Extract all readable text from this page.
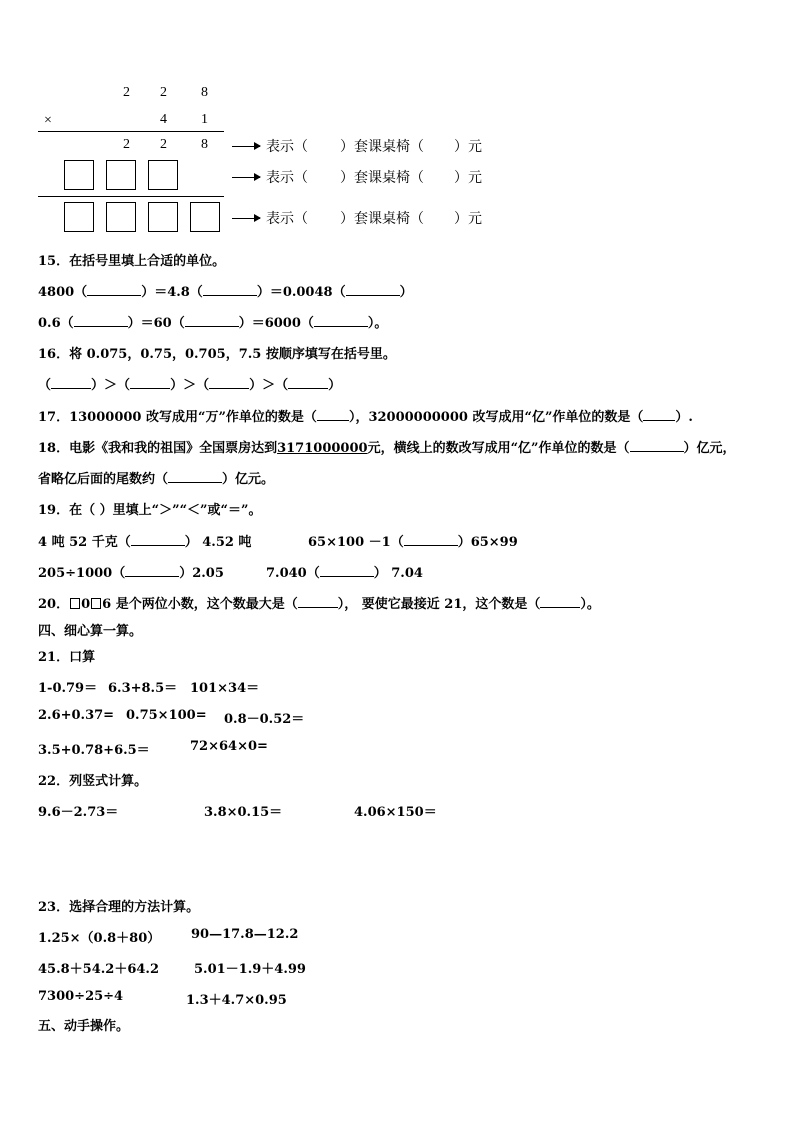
2 2 8
×	4 1
2 2 8	表示（ ）套课桌椅（ ）元
表示（ ）套课桌椅（ ）元
表示（ ）套课桌椅（ ）元
15．在括号里填上合适的单位。
4800（	）＝4.8（	）＝0.0048（	）
0.6（	）＝60（	）＝6000（	）。
16．将 0.075，0.75，0.705，7.5 按顺序填写在括号里。
（	）＞（	）＞（	）＞（	）
17．13000000 改写成用“万”作单位的数是（ ），32000000000 改写成用“亿”作单位的数是（ ）.
18．电影《我和我的祖国》全国票房达到3171000000元，横线上的数改写成用“亿”作单位的数是（	）亿元，
省略亿后面的尾数约（	）亿元。
19．在（ ）里填上“＞”“＜”或“＝”。
4 吨 52 千克（	） 4.52 吨	65×100 －1（	）65×99
205÷1000（	）2.05	7.040（	） 7.04
20． 0 6 是个两位小数，这个数最大是（	）， 要使它最接近 21，这个数是（	）。
四、细心算一算。
21．口算
1-0.79＝ 6.3+8.5＝ 101×34＝
2.6+0.37= 0.75×100= 0.8－0.52＝
3.5+0.78+6.5＝	72×64×0=
22．列竖式计算。
9.6－2.73＝	3.8×0.15＝	4.06×150＝
23．选择合理的方法计算。
1.25×（0.8＋80） 90—17.8—12.2
45.8＋54.2＋64.2	5.01－1.9＋4.99
7300÷25÷4	1.3＋4.7×0.95
五、动手操作。
